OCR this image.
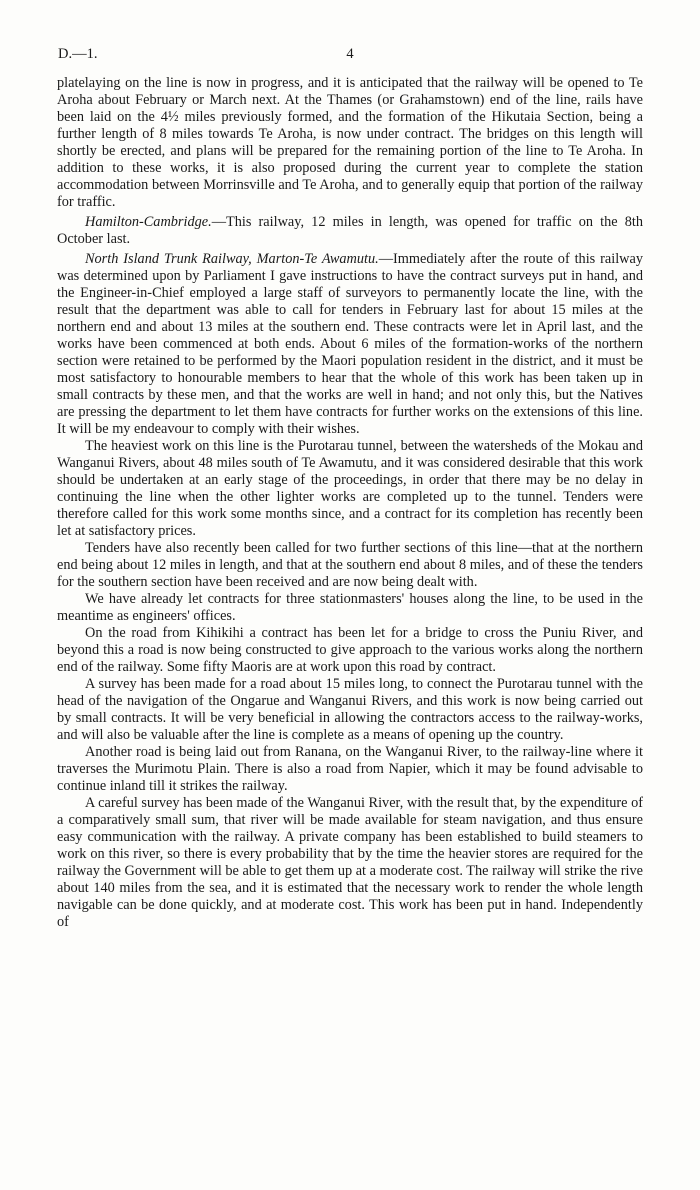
D.—1.	4

platelaying on the line is now in progress, and it is anticipated that the railway will be opened to Te Aroha about February or March next. At the Thames (or Grahamstown) end of the line, rails have been laid on the 4½ miles previously formed, and the formation of the Hikutaia Section, being a further length of 8 miles towards Te Aroha, is now under contract. The bridges on this length will shortly be erected, and plans will be prepared for the remaining portion of the line to Te Aroha. In addition to these works, it is also proposed during the current year to complete the station accommodation between Morrinsville and Te Aroha, and to generally equip that portion of the railway for traffic.

Hamilton-Cambridge.—This railway, 12 miles in length, was opened for traffic on the 8th October last.

North Island Trunk Railway, Marton-Te Awamutu.—Immediately after the route of this railway was determined upon by Parliament I gave instructions to have the contract surveys put in hand, and the Engineer-in-Chief employed a large staff of surveyors to permanently locate the line, with the result that the department was able to call for tenders in February last for about 15 miles at the northern end and about 13 miles at the southern end. These contracts were let in April last, and the works have been commenced at both ends. About 6 miles of the formation-works of the northern section were retained to be performed by the Maori population resident in the district, and it must be most satisfactory to honourable members to hear that the whole of this work has been taken up in small contracts by these men, and that the works are well in hand; and not only this, but the Natives are pressing the department to let them have contracts for further works on the extensions of this line. It will be my endeavour to comply with their wishes.

The heaviest work on this line is the Purotarau tunnel, between the watersheds of the Mokau and Wanganui Rivers, about 48 miles south of Te Awamutu, and it was considered desirable that this work should be undertaken at an early stage of the proceedings, in order that there may be no delay in continuing the line when the other lighter works are completed up to the tunnel. Tenders were therefore called for this work some months since, and a contract for its completion has recently been let at satisfactory prices.

Tenders have also recently been called for two further sections of this line—that at the northern end being about 12 miles in length, and that at the southern end about 8 miles, and of these the tenders for the southern section have been received and are now being dealt with.

We have already let contracts for three stationmasters' houses along the line, to be used in the meantime as engineers' offices.

On the road from Kihikihi a contract has been let for a bridge to cross the Puniu River, and beyond this a road is now being constructed to give approach to the various works along the northern end of the railway. Some fifty Maoris are at work upon this road by contract.

A survey has been made for a road about 15 miles long, to connect the Purotarau tunnel with the head of the navigation of the Ongarue and Wanganui Rivers, and this work is now being carried out by small contracts. It will be very beneficial in allowing the contractors access to the railway-works, and will also be valuable after the line is complete as a means of opening up the country.

Another road is being laid out from Ranana, on the Wanganui River, to the railway-line where it traverses the Murimotu Plain. There is also a road from Napier, which it may be found advisable to continue inland till it strikes the railway.

A careful survey has been made of the Wanganui River, with the result that, by the expenditure of a comparatively small sum, that river will be made available for steam navigation, and thus ensure easy communication with the railway. A private company has been established to build steamers to work on this river, so there is every probability that by the time the heavier stores are required for the railway the Government will be able to get them up at a moderate cost. The railway will strike the rive about 140 miles from the sea, and it is estimated that the necessary work to render the whole length navigable can be done quickly, and at moderate cost. This work has been put in hand. Independently of
